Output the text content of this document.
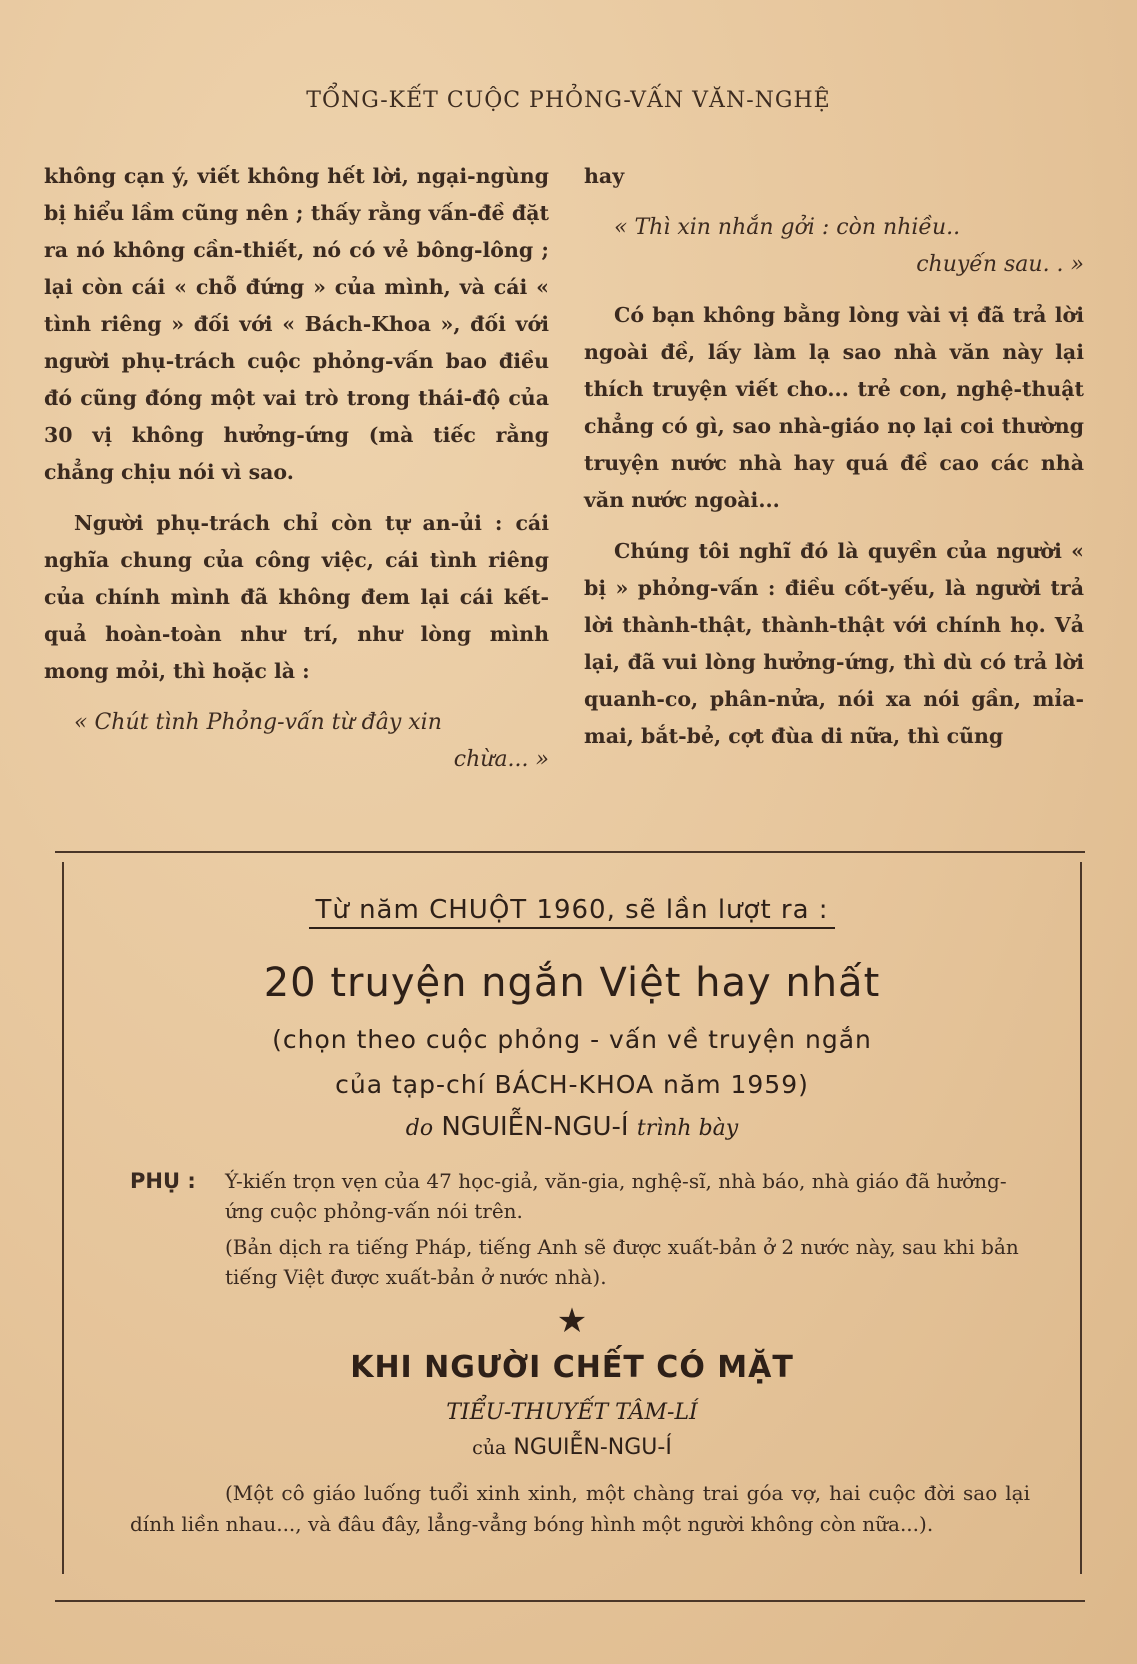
TỔNG-KẾT CUỘC PHỎNG-VẤN VĂN-NGHỆ

không cạn ý, viết không hết lời, ngại-ngùng bị hiểu lầm cũng nên ; thấy rằng vấn-đề đặt ra nó không cần-thiết, nó có vẻ bông-lông ; lại còn cái « chỗ đứng » của mình, và cái « tình riêng » đối với « Bách-Khoa », đối với người phụ-trách cuộc phỏng-vấn bao điều đó cũng đóng một vai trò trong thái-độ của 30 vị không hưởng-ứng (mà tiếc rằng chẳng chịu nói vì sao.

Người phụ-trách chỉ còn tự an-ủi : cái nghĩa chung của công việc, cái tình riêng của chính mình đã không đem lại cái kết-quả hoàn-toàn như trí, như lòng mình mong mỏi, thì hoặc là :

« Chút tình Phỏng-vấn từ đây xin
chừa... »

hay

« Thì xin nhắn gởi : còn nhiều..
chuyến sau. . »

Có bạn không bằng lòng vài vị đã trả lời ngoài đề, lấy làm lạ sao nhà văn này lại thích truyện viết cho... trẻ con, nghệ-thuật chẳng có gì, sao nhà-giáo nọ lại coi thường truyện nước nhà hay quá đề cao các nhà văn nước ngoài...

Chúng tôi nghĩ đó là quyền của người « bị » phỏng-vấn : điều cốt-yếu, là người trả lời thành-thật, thành-thật với chính họ. Vả lại, đã vui lòng hưởng-ứng, thì dù có trả lời quanh-co, phân-nửa, nói xa nói gần, mỉa-mai, bắt-bẻ, cợt đùa di nữa, thì cũng

Từ năm CHUỘT 1960, sẽ lần lượt ra :
20 truyện ngắn Việt hay nhất
(chọn theo cuộc phỏng - vấn về truyện ngắn
của tạp-chí BÁCH-KHOA năm 1959)
do NGUIỄN-NGU-Í trình bày
PHỤ : Ý-kiến trọn vẹn của 47 học-giả, văn-gia, nghệ-sĩ, nhà báo, nhà giáo đã hưởng-ứng cuộc phỏng-vấn nói trên.

(Bản dịch ra tiếng Pháp, tiếng Anh sẽ được xuất-bản ở 2 nước này, sau khi bản tiếng Việt được xuất-bản ở nước nhà).

★
KHI NGƯỜI CHẾT CÓ MẶT
TIỂU-THUYẾT TÂM-LÍ
của NGUIỄN-NGU-Í
(Một cô giáo luống tuổi xinh xinh, một chàng trai góa vợ, hai cuộc đời sao lại dính liền nhau..., và đâu đây, lẳng-vẳng bóng hình một người không còn nữa...).
